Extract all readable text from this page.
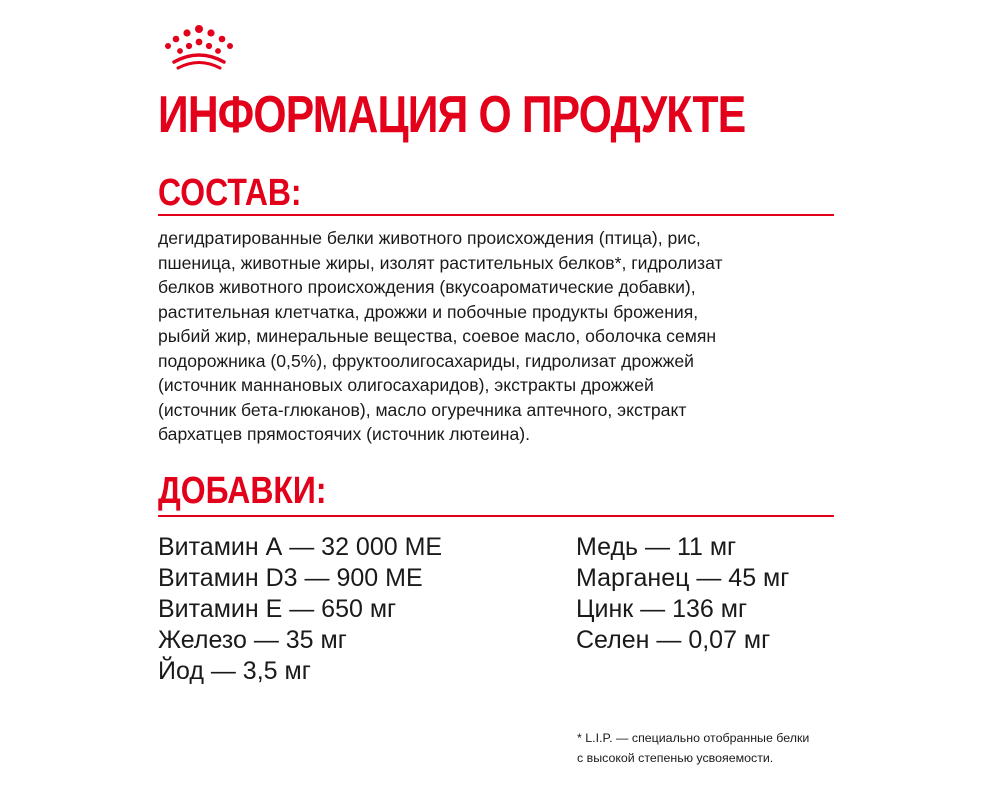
ИНФОРМАЦИЯ О ПРОДУКТЕ
СОСТАВ:

дегидратированные белки животного происхождения (птица), рис,
пшеница, животные жиры, изолят растительных белков*, гидролизат
белков животного происхождения (вкусоароматические добавки),
растительная клетчатка, дрожжи и побочные продукты брожения,
рыбий жир, минеральные вещества, соевое масло, оболочка семян
подорожника (0,5%), фруктоолигосахариды, гидролизат дрожжей
(источник маннановых олигосахаридов), экстракты дрожжей
(источник бета-глюканов), масло огуречника аптечного, экстракт
бархатцев прямостоячих (источник лютеина).

ДОБАВКИ:
Витамин А — 32 000 МЕ
Витамин D3 — 900 МЕ
Витамин Е — 650 мг
Железо — 35 мг
Йод — 3,5 мг
Медь — 11 мг
Марганец — 45 мг
Цинк — 136 мг
Селен — 0,07 мг

* L.I.P. — специально отобранные белки
с высокой степенью усвояемости.
